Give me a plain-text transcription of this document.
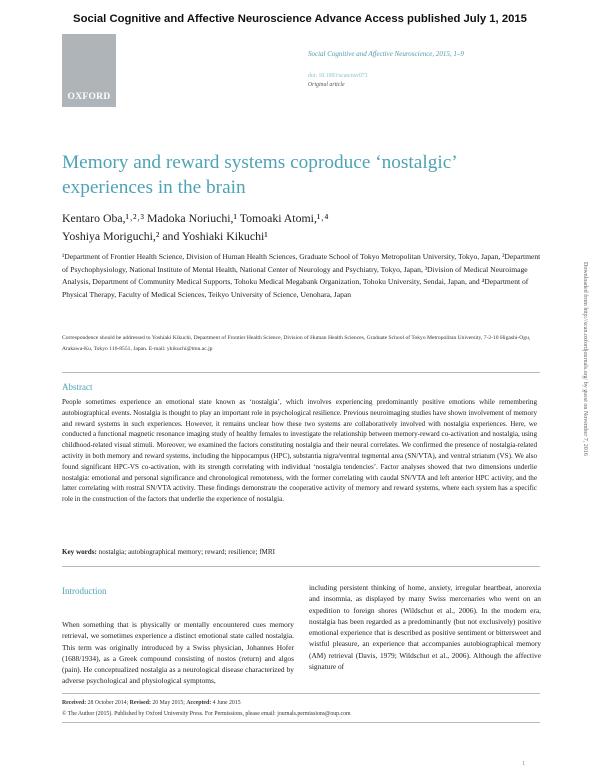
Social Cognitive and Affective Neuroscience Advance Access published July 1, 2015
OXFORD
Social Cognitive and Affective Neuroscience, 2015, 1–9
doi: 10.1093/scan/nsv073
Original article
Memory and reward systems coproduce ‘nostalgic’ experiences in the brain
Kentaro Oba,¹˒²˒³ Madoka Noriuchi,¹ Tomoaki Atomi,¹˒⁴
Yoshiya Moriguchi,² and Yoshiaki Kikuchi¹
¹Department of Frontier Health Science, Division of Human Health Sciences, Graduate School of Tokyo Metropolitan University, Tokyo, Japan, ²Department of Psychophysiology, National Institute of Mental Health, National Center of Neurology and Psychiatry, Tokyo, Japan, ³Division of Medical Neuroimage Analysis, Department of Community Medical Supports, Tohoku Medical Megabank Organization, Tohoku University, Sendai, Japan, and ⁴Department of Physical Therapy, Faculty of Medical Sciences, Teikyo University of Science, Uenohara, Japan
Correspondence should be addressed to Yoshiaki Kikuchi, Department of Frontier Health Science, Division of Human Health Sciences, Graduate School of Tokyo Metropolitan University, 7-2-10 Higashi-Ogu, Arakawa-Ku, Tokyo 116-8551, Japan. E-mail: ykikuchi@tmu.ac.jp
Abstract
People sometimes experience an emotional state known as ‘nostalgia’, which involves experiencing predominantly positive emotions while remembering autobiographical events. Nostalgia is thought to play an important role in psychological resilience. Previous neuroimaging studies have shown involvement of memory and reward systems in such experiences. However, it remains unclear how these two systems are collaboratively involved with nostalgia experiences. Here, we conducted a functional magnetic resonance imaging study of healthy females to investigate the relationship between memory-reward co-activation and nostalgia, using childhood-related visual stimuli. Moreover, we examined the factors constituting nostalgia and their neural correlates. We confirmed the presence of nostalgia-related activity in both memory and reward systems, including the hippocampus (HPC), substantia nigra/ventral tegmental area (SN/VTA), and ventral striatum (VS). We also found significant HPC-VS co-activation, with its strength correlating with individual ‘nostalgia tendencies’. Factor analyses showed that two dimensions underlie nostalgia: emotional and personal significance and chronological remoteness, with the former correlating with caudal SN/VTA and left anterior HPC activity, and the latter correlating with rostral SN/VTA activity. These findings demonstrate the cooperative activity of memory and reward systems, where each system has a specific role in the construction of the factors that underlie the experience of nostalgia.
Key words: nostalgia; autobiographical memory; reward; resilience; fMRI
Downloaded from http://scan.oxfordjournals.org/ by guest on November 7, 2016
Introduction
When something that is physically or mentally encountered cues memory retrieval, we sometimes experience a distinct emotional state called nostalgia. This term was originally introduced by a Swiss physician, Johannes Hofer (1688/1934), as a Greek compound consisting of nostos (return) and algos (pain). He conceptualized nostalgia as a neurological disease characterized by adverse psychological and physiological symptoms,
including persistent thinking of home, anxiety, irregular heartbeat, anorexia and insomnia, as displayed by many Swiss mercenaries who went on an expedition to foreign shores (Wildschut et al., 2006). In the modern era, nostalgia has been regarded as a predominantly (but not exclusively) positive emotional experience that is described as positive sentiment or bittersweet and wistful pleasure, an experience that accompanies autobiographical memory (AM) retrieval (Davis, 1979; Wildschut et al., 2006). Although the affective signature of
Received: 28 October 2014; Revised: 20 May 2015; Accepted: 4 June 2015
© The Author (2015). Published by Oxford University Press. For Permissions, please email: journals.permissions@oup.com
1
